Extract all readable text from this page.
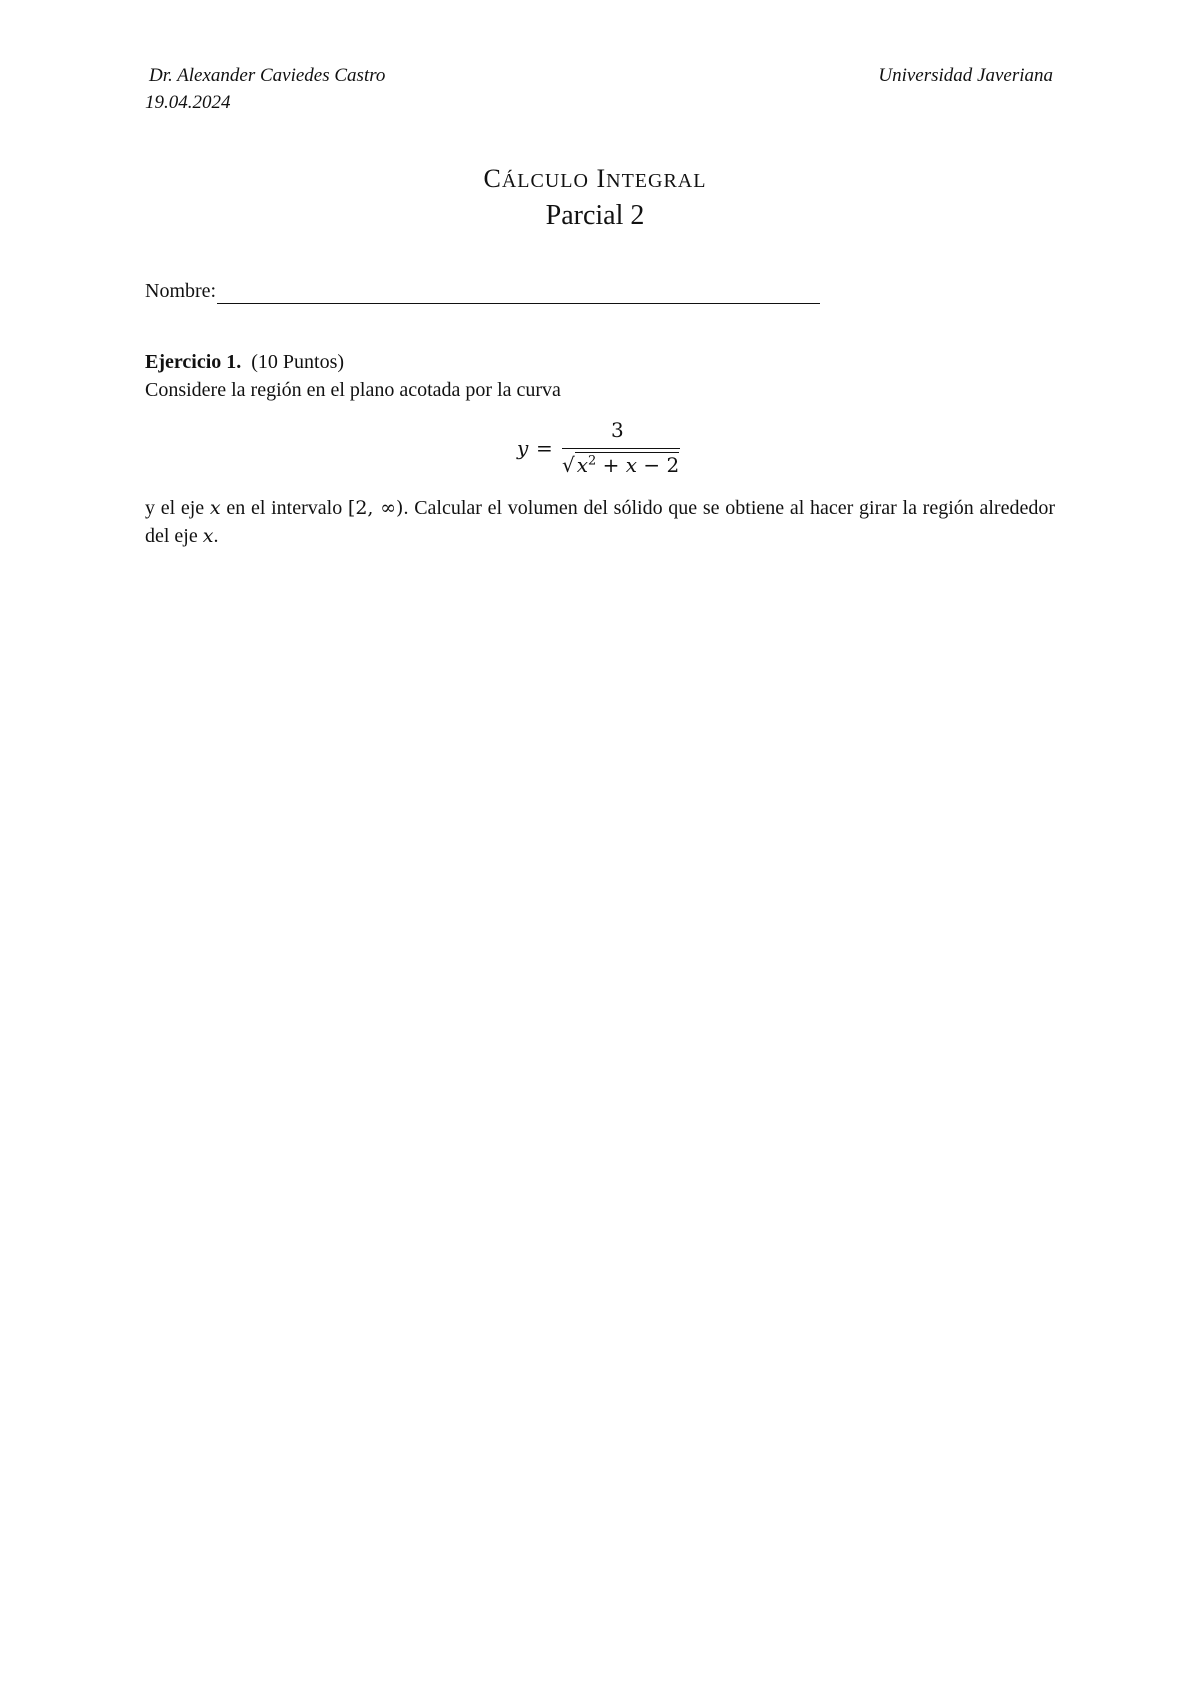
Dr. Alexander Caviedes Castro
19.04.2024
Universidad Javeriana
CÁLCULO INTEGRAL
Parcial 2
Nombre:
Ejercicio 1. (10 Puntos)
Considere la región en el plano acotada por la curva
y =
3
√ $x^2 + x - 2$
y el eje x en el intervalo [2, ∞). Calcular el volumen del sólido que se obtiene al hacer girar la región alrededor del eje x.
